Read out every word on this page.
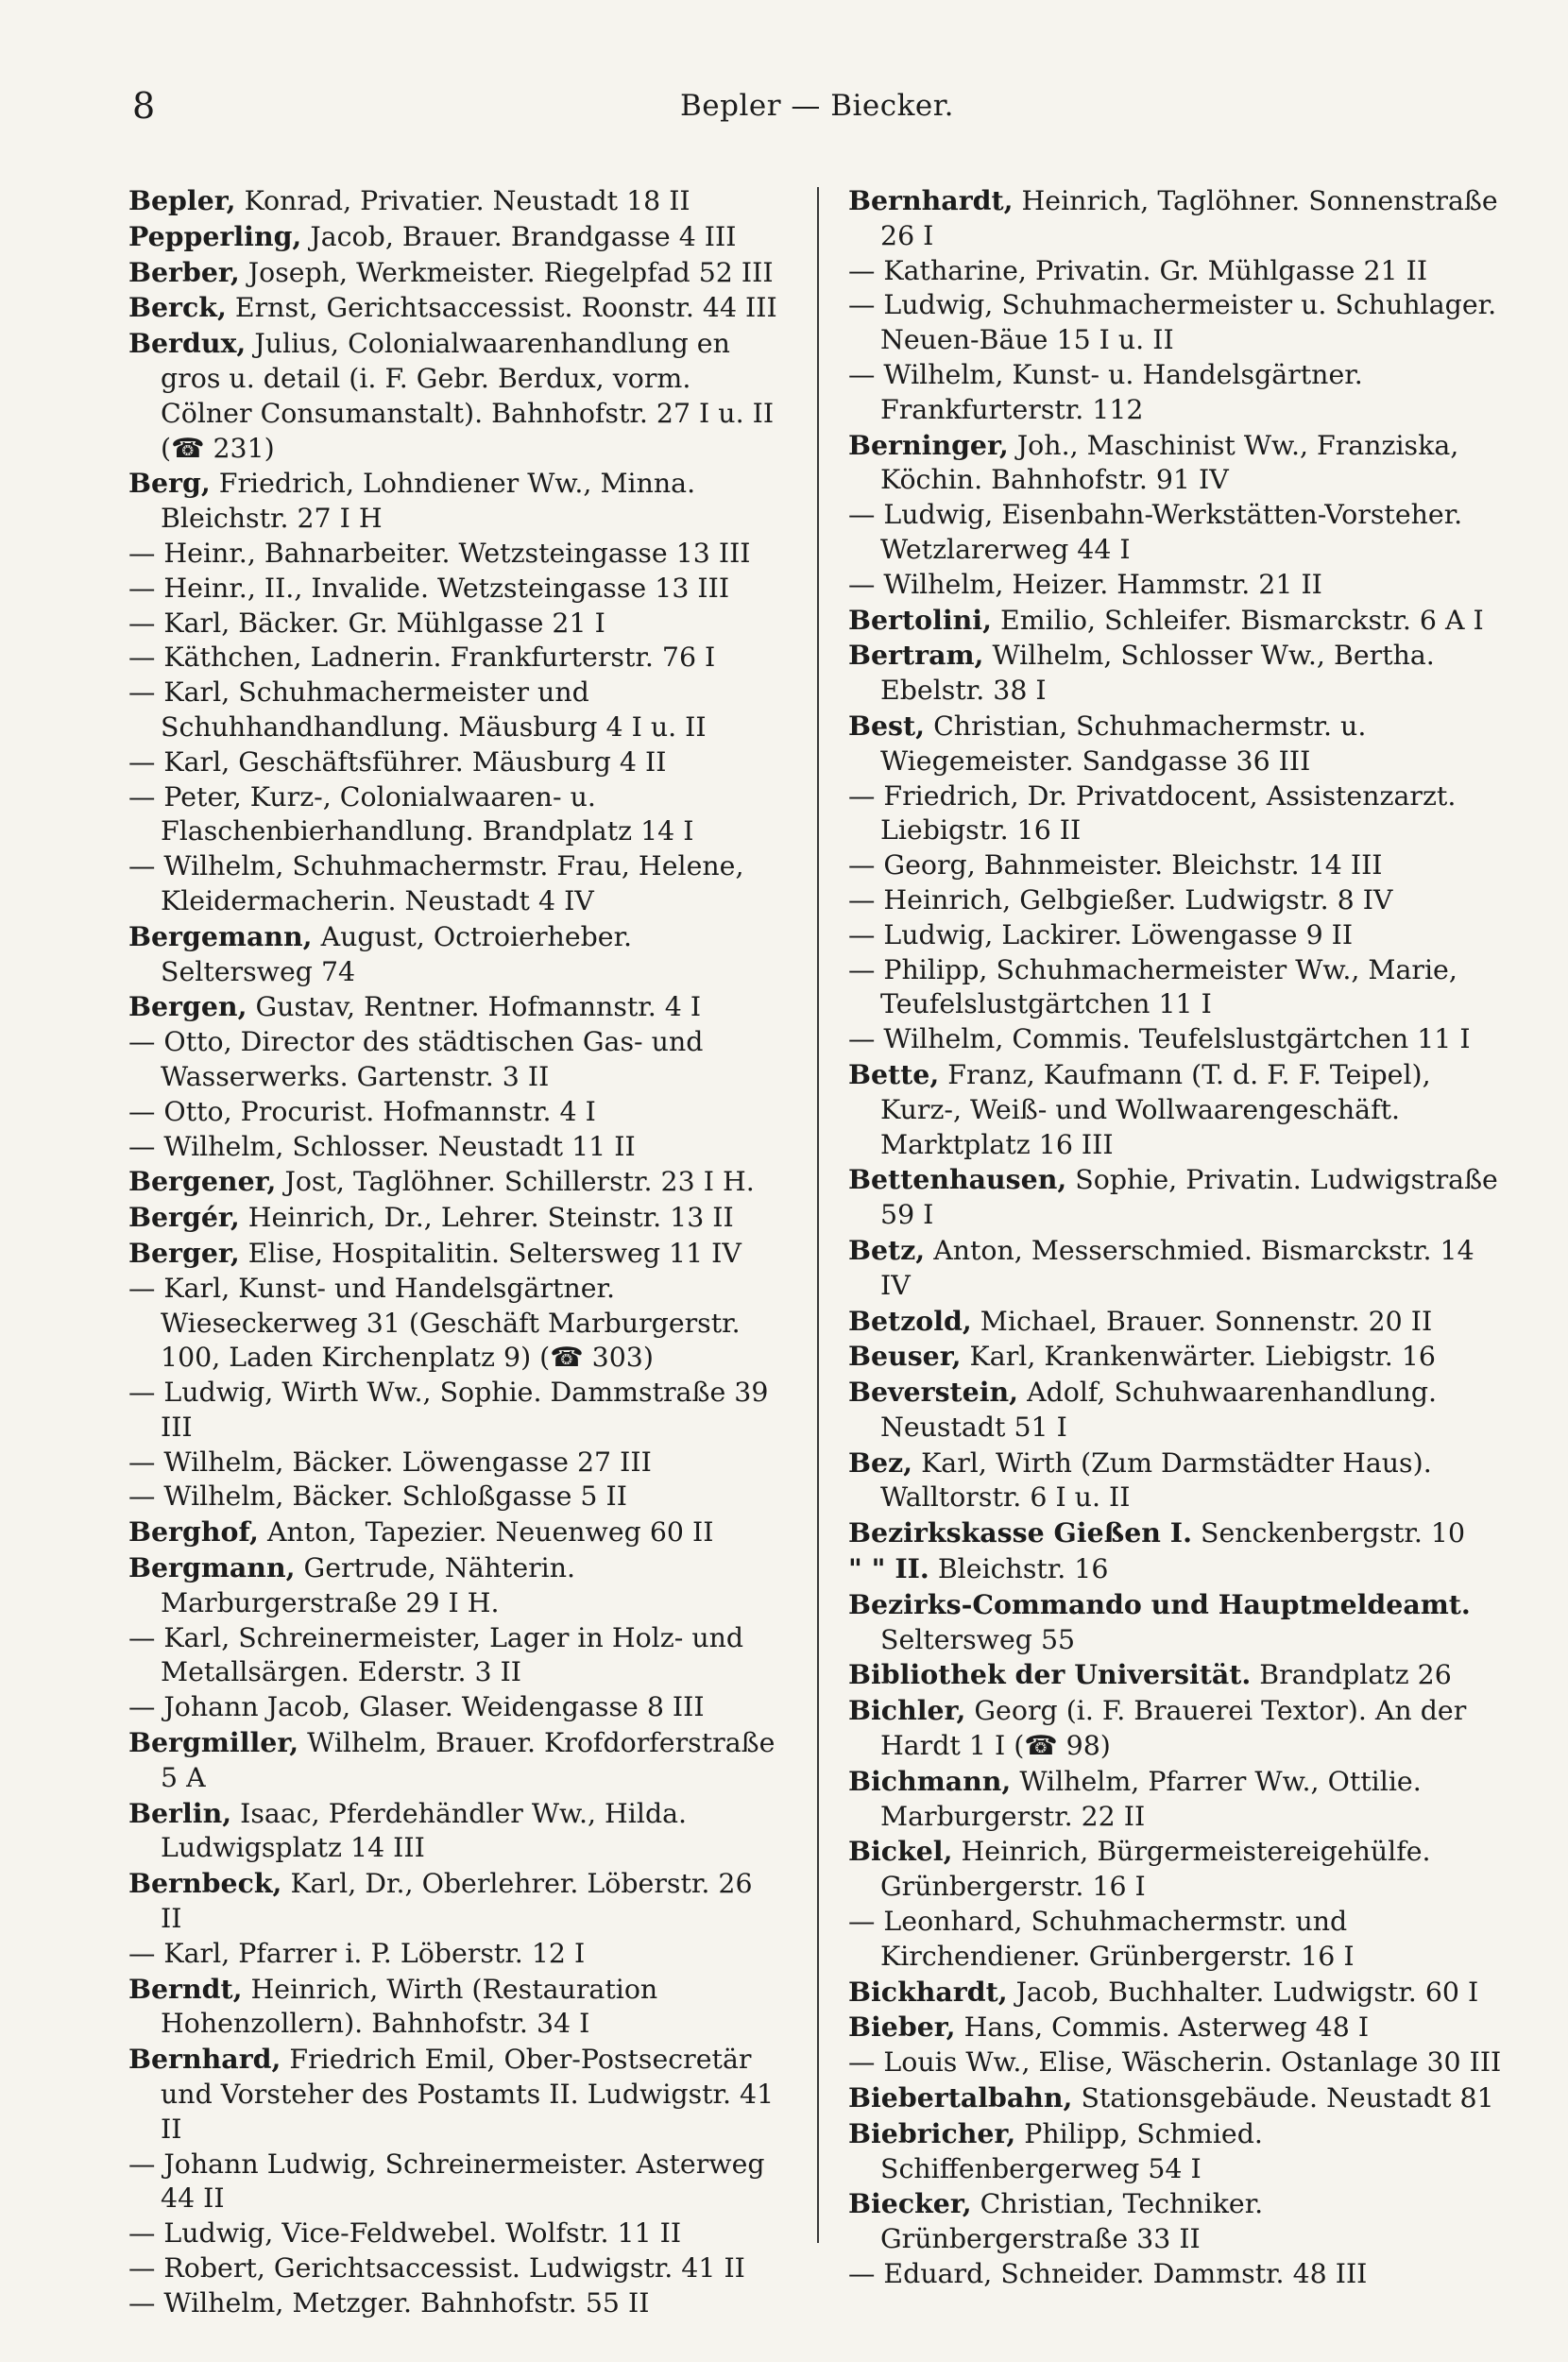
8	Bepler — Biecker.

Bepler, Konrad, Privatier. Neustadt 18 II

Pepperling, Jacob, Brauer. Brandgasse 4 III

Berber, Joseph, Werkmeister. Riegelpfad 52 III

Berck, Ernst, Gerichtsaccessist. Roonstr. 44 III

Berdux, Julius, Colonialwaarenhandlung en gros u. detail (i. F. Gebr. Berdux, vorm. Cölner Consumanstalt). Bahnhofstr. 27 I u. II (☎ 231)

Berg, Friedrich, Lohndiener Ww., Minna. Bleichstr. 27 I H

— Heinr., Bahnarbeiter. Wetzsteingasse 13 III

— Heinr., II., Invalide. Wetzsteingasse 13 III

— Karl, Bäcker. Gr. Mühlgasse 21 I

— Käthchen, Ladnerin. Frankfurterstr. 76 I

— Karl, Schuhmachermeister und Schuhhandhandlung. Mäusburg 4 I u. II

— Karl, Geschäftsführer. Mäusburg 4 II

— Peter, Kurz-, Colonialwaaren- u. Flaschenbierhandlung. Brandplatz 14 I

— Wilhelm, Schuhmachermstr. Frau, Helene, Kleidermacherin. Neustadt 4 IV

Bergemann, August, Octroierheber. Seltersweg 74

Bergen, Gustav, Rentner. Hofmannstr. 4 I

— Otto, Director des städtischen Gas- und Wasserwerks. Gartenstr. 3 II

— Otto, Procurist. Hofmannstr. 4 I

— Wilhelm, Schlosser. Neustadt 11 II

Bergener, Jost, Taglöhner. Schillerstr. 23 I H.

Bergér, Heinrich, Dr., Lehrer. Steinstr. 13 II

Berger, Elise, Hospitalitin. Seltersweg 11 IV

— Karl, Kunst- und Handelsgärtner. Wieseckerweg 31 (Geschäft Marburgerstr. 100, Laden Kirchenplatz 9) (☎ 303)

— Ludwig, Wirth Ww., Sophie. Dammstraße 39 III

— Wilhelm, Bäcker. Löwengasse 27 III

— Wilhelm, Bäcker. Schloßgasse 5 II

Berghof, Anton, Tapezier. Neuenweg 60 II

Bergmann, Gertrude, Nähterin. Marburgerstraße 29 I H.

— Karl, Schreinermeister, Lager in Holz- und Metallsärgen. Ederstr. 3 II

— Johann Jacob, Glaser. Weidengasse 8 III

Bergmiller, Wilhelm, Brauer. Krofdorferstraße 5 A

Berlin, Isaac, Pferdehändler Ww., Hilda. Ludwigsplatz 14 III

Bernbeck, Karl, Dr., Oberlehrer. Löberstr. 26 II

— Karl, Pfarrer i. P. Löberstr. 12 I

Berndt, Heinrich, Wirth (Restauration Hohenzollern). Bahnhofstr. 34 I

Bernhard, Friedrich Emil, Ober-Postsecretär und Vorsteher des Postamts II. Ludwigstr. 41 II

— Johann Ludwig, Schreinermeister. Asterweg 44 II

— Ludwig, Vice-Feldwebel. Wolfstr. 11 II

— Robert, Gerichtsaccessist. Ludwigstr. 41 II

— Wilhelm, Metzger. Bahnhofstr. 55 II

Bernhardt, Heinrich, Taglöhner. Sonnenstraße 26 I

— Katharine, Privatin. Gr. Mühlgasse 21 II

— Ludwig, Schuhmachermeister u. Schuhlager. Neuen-Bäue 15 I u. II

— Wilhelm, Kunst- u. Handelsgärtner. Frankfurterstr. 112

Berninger, Joh., Maschinist Ww., Franziska, Köchin. Bahnhofstr. 91 IV

— Ludwig, Eisenbahn-Werkstätten-Vorsteher. Wetzlarerweg 44 I

— Wilhelm, Heizer. Hammstr. 21 II

Bertolini, Emilio, Schleifer. Bismarckstr. 6 A I

Bertram, Wilhelm, Schlosser Ww., Bertha. Ebelstr. 38 I

Best, Christian, Schuhmachermstr. u. Wiegemeister. Sandgasse 36 III

— Friedrich, Dr. Privatdocent, Assistenzarzt. Liebigstr. 16 II

— Georg, Bahnmeister. Bleichstr. 14 III

— Heinrich, Gelbgießer. Ludwigstr. 8 IV

— Ludwig, Lackirer. Löwengasse 9 II

— Philipp, Schuhmachermeister Ww., Marie, Teufelslustgärtchen 11 I

— Wilhelm, Commis. Teufelslustgärtchen 11 I

Bette, Franz, Kaufmann (T. d. F. F. Teipel), Kurz-, Weiß- und Wollwaarengeschäft. Marktplatz 16 III

Bettenhausen, Sophie, Privatin. Ludwigstraße 59 I

Betz, Anton, Messerschmied. Bismarckstr. 14 IV

Betzold, Michael, Brauer. Sonnenstr. 20 II

Beuser, Karl, Krankenwärter. Liebigstr. 16

Beverstein, Adolf, Schuhwaarenhandlung. Neustadt 51 I

Bez, Karl, Wirth (Zum Darmstädter Haus). Walltorstr. 6 I u. II

Bezirkskasse Gießen I. Senckenbergstr. 10

" " II. Bleichstr. 16

Bezirks-Commando und Hauptmeldeamt. Seltersweg 55

Bibliothek der Universität. Brandplatz 26

Bichler, Georg (i. F. Brauerei Textor). An der Hardt 1 I (☎ 98)

Bichmann, Wilhelm, Pfarrer Ww., Ottilie. Marburgerstr. 22 II

Bickel, Heinrich, Bürgermeistereigehülfe. Grünbergerstr. 16 I

— Leonhard, Schuhmachermstr. und Kirchendiener. Grünbergerstr. 16 I

Bickhardt, Jacob, Buchhalter. Ludwigstr. 60 I

Bieber, Hans, Commis. Asterweg 48 I

— Louis Ww., Elise, Wäscherin. Ostanlage 30 III

Biebertalbahn, Stationsgebäude. Neustadt 81

Biebricher, Philipp, Schmied. Schiffenbergerweg 54 I

Biecker, Christian, Techniker. Grünbergerstraße 33 II

— Eduard, Schneider. Dammstr. 48 III
